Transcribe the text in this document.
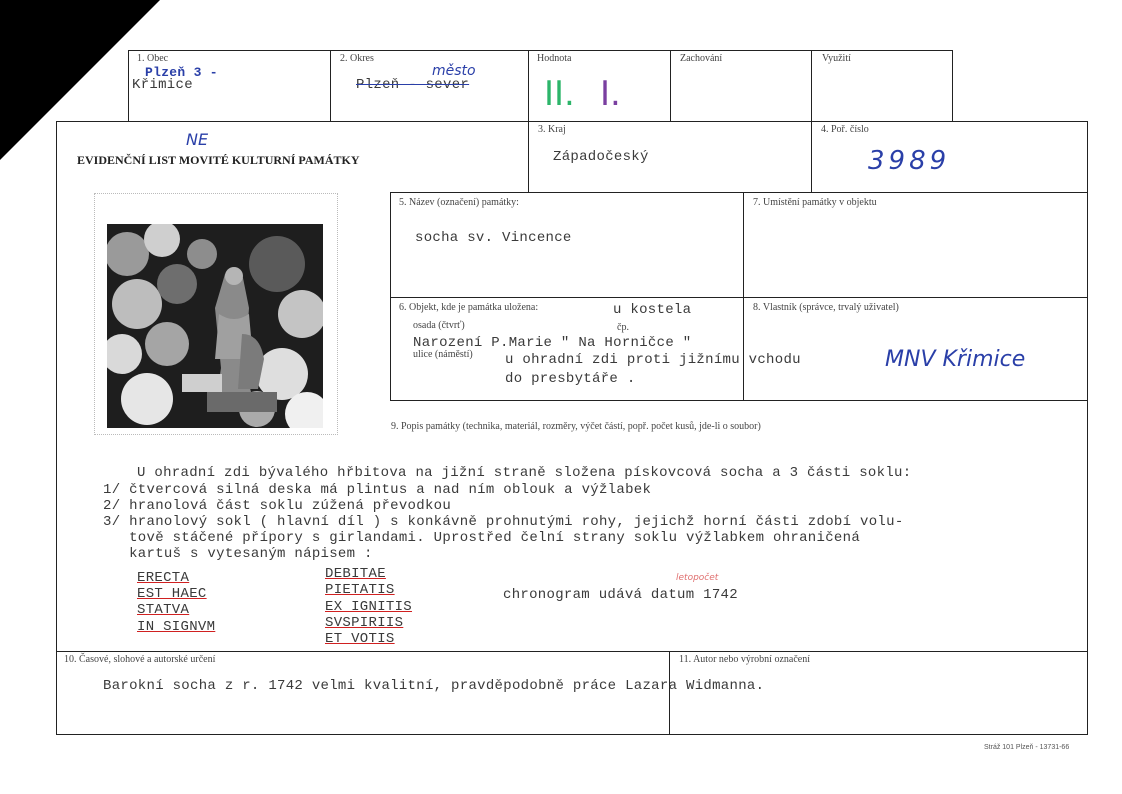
1. Obec
Plzeň 3 -
Křimice
2. Okres
město
Plzeň - sever
Hodnota
II. I.
Zachování	Využití
NE
EVIDENČNÍ LIST MOVITÉ KULTURNÍ PAMÁTKY
3. Kraj
Západočeský
4. Poř. číslo
3989
5. Název (označení) památky:
socha sv. Vincence
7. Umístění památky v objektu
6. Objekt, kde je památka uložena:	u kostela
osada (čtvrť)	čp.
Narození P.Marie " Na Horničce "
ulice (náměstí) u ohradní zdi proti jižnímu vchodu
do presbytáře .
8. Vlastník (správce, trvalý uživatel)
MNV Křimice
9. Popis památky (technika, materiál, rozměry, výčet částí, popř. počet kusů, jde-li o soubor)
U ohradní zdi bývalého hřbitova na jižní straně složena pískovcová socha a 3 části soklu:
1/ čtvercová silná deska má plintus a nad ním oblouk a výžlabek
2/ hranolová část soklu zúžená převodkou
3/ hranolový sokl ( hlavní díl ) s konkávně prohnutými rohy, jejichž horní části zdobí volu-
tově stáčené přípory s girlandami. Uprostřed čelní strany soklu výžlabkem ohraničená
kartuš s vytesaným nápisem :
ERECTA
EST HAEC
STATVA
IN SIGNVM
DEBITAE
PIETATIS
EX IGNITIS
SVSPIRIIS
ET VOTIS
letopočet
chronogram udává datum 1742
10. Časové, slohové a autorské určení
Barokní socha z r. 1742 velmi kvalitní, pravděpodobně práce Lazara Widmanna.
11. Autor nebo výrobní označení
Stráž 101 Plzeň - 13731-66
